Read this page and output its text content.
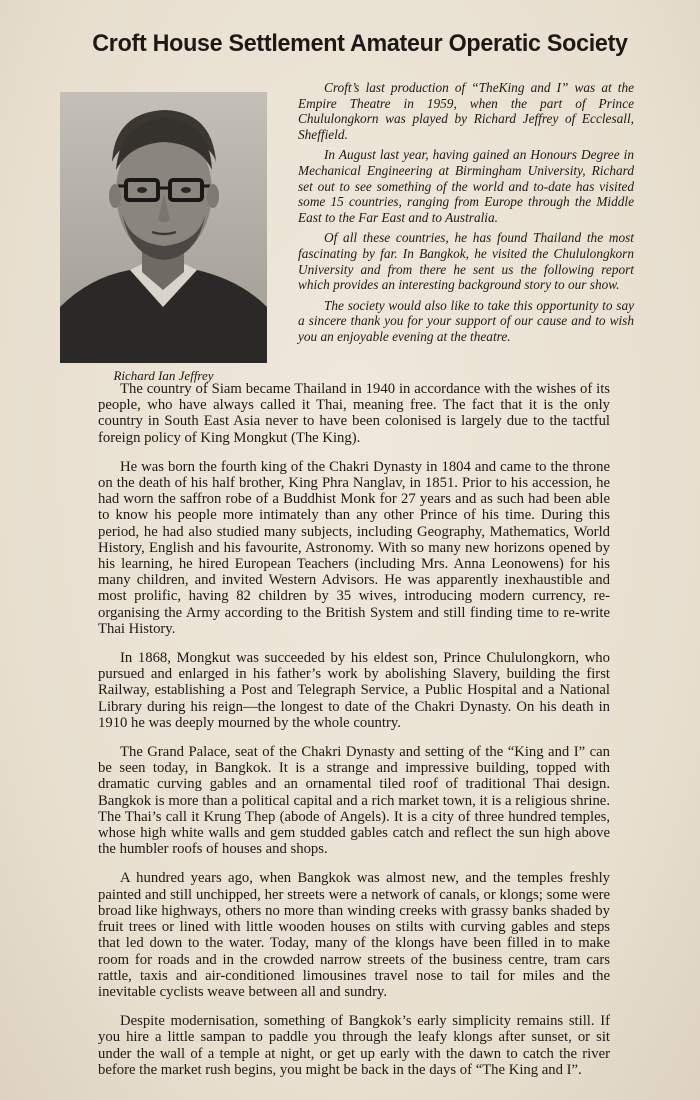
Croft House Settlement Amateur Operatic Society
Richard Ian Jeffrey

Croft’s last production of “TheKing and I” was at the Empire Theatre in 1959, when the part of Prince Chululongkorn was played by Richard Jeffrey of Ecclesall, Sheffield.

In August last year, having gained an Honours Degree in Mechanical Engineering at Birmingham University, Richard set out to see something of the world and to-date has visited some 15 countries, ranging from Europe through the Middle East to the Far East and to Australia.

Of all these countries, he has found Thailand the most fascinating by far. In Bangkok, he visited the Chululongkorn University and from there he sent us the following report which provides an interesting background story to our show.

The society would also like to take this opportunity to say a sincere thank you for your support of our cause and to wish you an enjoyable evening at the theatre.

The country of Siam became Thailand in 1940 in accordance with the wishes of its people, who have always called it Thai, meaning free. The fact that it is the only country in South East Asia never to have been colonised is largely due to the tactful foreign policy of King Mongkut (The King).

He was born the fourth king of the Chakri Dynasty in 1804 and came to the throne on the death of his half brother, King Phra Nanglav, in 1851. Prior to his accession, he had worn the saffron robe of a Buddhist Monk for 27 years and as such had been able to know his people more intimately than any other Prince of his time. During this period, he had also studied many subjects, including Geography, Mathematics, World History, English and his favourite, Astronomy. With so many new horizons opened by his learning, he hired European Teachers (including Mrs. Anna Leonowens) for his many children, and invited Western Advisors. He was apparently inexhaustible and most prolific, having 82 children by 35 wives, introducing modern currency, re-organising the Army according to the British System and still finding time to re-write Thai History.

In 1868, Mongkut was succeeded by his eldest son, Prince Chululongkorn, who pursued and enlarged in his father’s work by abolishing Slavery, building the first Railway, establishing a Post and Telegraph Service, a Public Hospital and a National Library during his reign—the longest to date of the Chakri Dynasty. On his death in 1910 he was deeply mourned by the whole country.

The Grand Palace, seat of the Chakri Dynasty and setting of the “King and I” can be seen today, in Bangkok. It is a strange and impressive building, topped with dramatic curving gables and an ornamental tiled roof of traditional Thai design. Bangkok is more than a political capital and a rich market town, it is a religious shrine. The Thai’s call it Krung Thep (abode of Angels). It is a city of three hundred temples, whose high white walls and gem studded gables catch and reflect the sun high above the humbler roofs of houses and shops.

A hundred years ago, when Bangkok was almost new, and the temples freshly painted and still unchipped, her streets were a network of canals, or klongs; some were broad like highways, others no more than winding creeks with grassy banks shaded by fruit trees or lined with little wooden houses on stilts with curving gables and steps that led down to the water. Today, many of the klongs have been filled in to make room for roads and in the crowded narrow streets of the business centre, tram cars rattle, taxis and air-conditioned limousines travel nose to tail for miles and the inevitable cyclists weave between all and sundry.

Despite modernisation, something of Bangkok’s early simplicity remains still. If you hire a little sampan to paddle you through the leafy klongs after sunset, or sit under the wall of a temple at night, or get up early with the dawn to catch the river before the market rush begins, you might be back in the days of “The King and I”.
